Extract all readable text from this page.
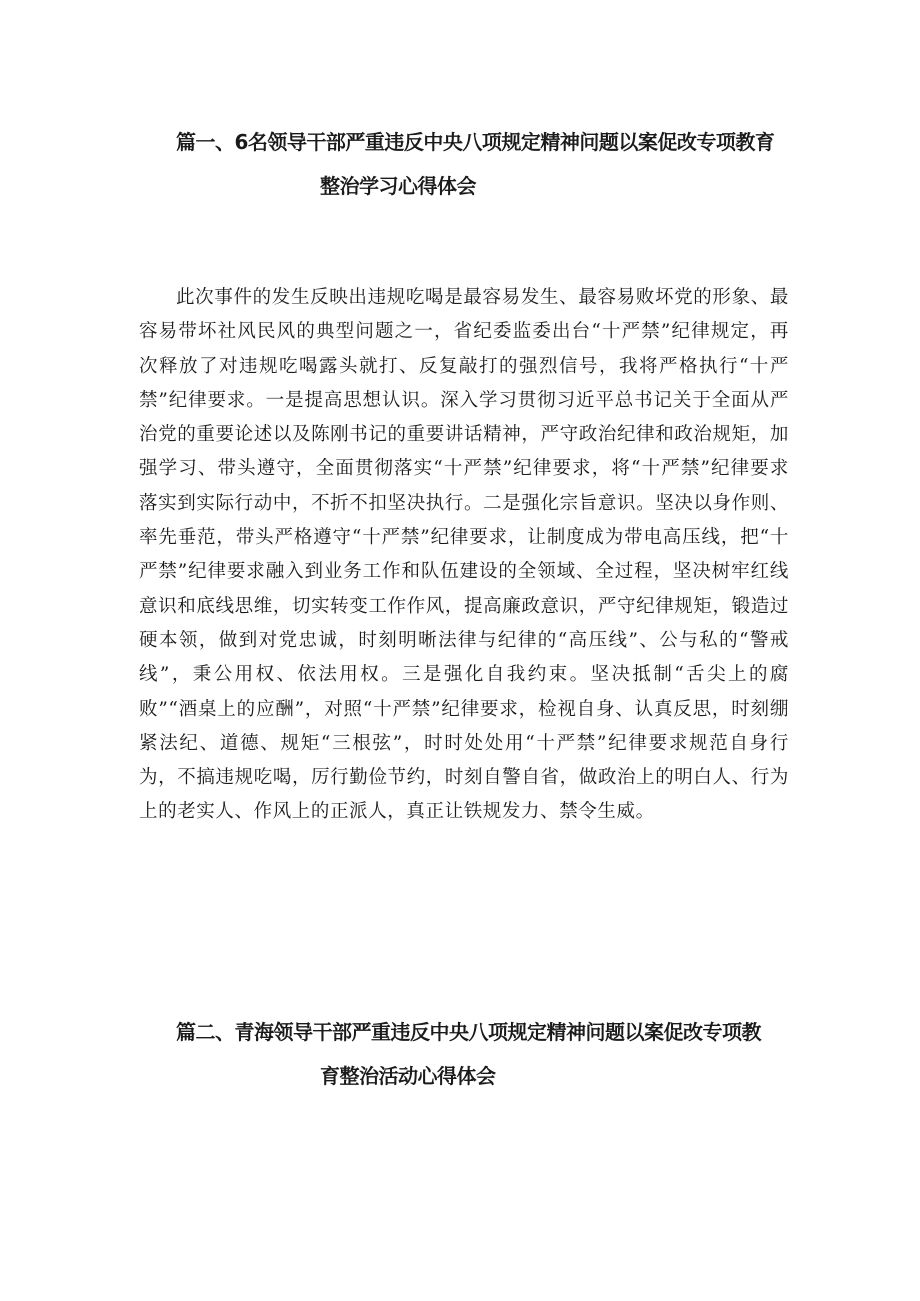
篇一、6名领导干部严重违反中央八项规定精神问题以案促改专项教育
整治学习心得体会

此次事件的发生反映出违规吃喝是最容易发生、最容易败坏党的形象、最容易带坏社风民风的典型问题之一，省纪委监委出台“十严禁”纪律规定，再次释放了对违规吃喝露头就打、反复敲打的强烈信号，我将严格执行“十严禁”纪律要求。一是提高思想认识。深入学习贯彻习近平总书记关于全面从严治党的重要论述以及陈刚书记的重要讲话精神，严守政治纪律和政治规矩，加强学习、带头遵守，全面贯彻落实“十严禁”纪律要求，将“十严禁”纪律要求落实到实际行动中，不折不扣坚决执行。二是强化宗旨意识。坚决以身作则、率先垂范，带头严格遵守“十严禁”纪律要求，让制度成为带电高压线，把“十严禁”纪律要求融入到业务工作和队伍建设的全领域、全过程，坚决树牢红线意识和底线思维，切实转变工作作风，提高廉政意识，严守纪律规矩，锻造过硬本领，做到对党忠诚，时刻明晰法律与纪律的“高压线”、公与私的“警戒线”，秉公用权、依法用权。三是强化自我约束。坚决抵制“舌尖上的腐败”“酒桌上的应酬”，对照“十严禁”纪律要求，检视自身、认真反思，时刻绷紧法纪、道德、规矩“三根弦”，时时处处用“十严禁”纪律要求规范自身行为，不搞违规吃喝，厉行勤俭节约，时刻自警自省，做政治上的明白人、行为上的老实人、作风上的正派人，真正让铁规发力、禁令生威。

篇二、青海领导干部严重违反中央八项规定精神问题以案促改专项教
育整治活动心得体会
